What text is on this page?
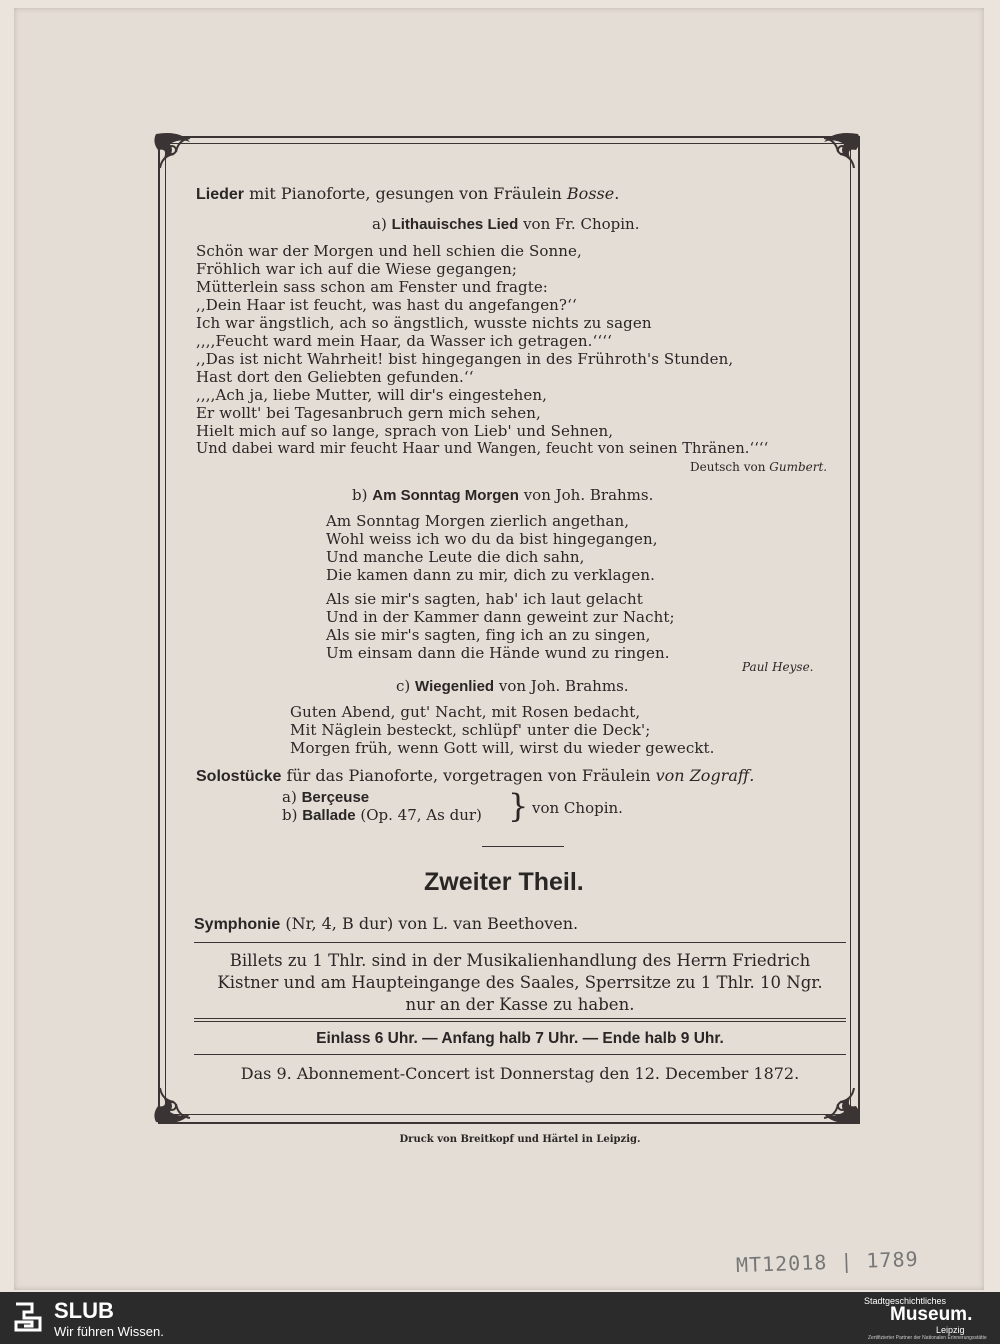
Lieder mit Pianoforte, gesungen von Fräulein Bosse.
a) Lithauisches Lied von Fr. Chopin.
Schön war der Morgen und hell schien die Sonne,
Fröhlich war ich auf die Wiese gegangen;
Mütterlein sass schon am Fenster und fragte:
,,Dein Haar ist feucht, was hast du angefangen?‘‘
Ich war ängstlich, ach so ängstlich, wusste nichts zu sagen
,,,,Feucht ward mein Haar, da Wasser ich getragen.‘‘‘‘
,,Das ist nicht Wahrheit! bist hingegangen in des Frühroth's Stunden,
Hast dort den Geliebten gefunden.‘‘
,,,,Ach ja, liebe Mutter, will dir's eingestehen,
Er wollt' bei Tagesanbruch gern mich sehen,
Hielt mich auf so lange, sprach von Lieb' und Sehnen,
Und dabei ward mir feucht Haar und Wangen, feucht von seinen Thränen.‘‘‘‘
Deutsch von Gumbert.
b) Am Sonntag Morgen von Joh. Brahms.
Am Sonntag Morgen zierlich angethan,
Wohl weiss ich wo du da bist hingegangen,
Und manche Leute die dich sahn,
Die kamen dann zu mir, dich zu verklagen.
Als sie mir's sagten, hab' ich laut gelacht
Und in der Kammer dann geweint zur Nacht;
Als sie mir's sagten, fing ich an zu singen,
Um einsam dann die Hände wund zu ringen.
Paul Heyse.
c) Wiegenlied von Joh. Brahms.
Guten Abend, gut' Nacht, mit Rosen bedacht,
Mit Näglein besteckt, schlüpf' unter die Deck';
Morgen früh, wenn Gott will, wirst du wieder geweckt.
Solostücke für das Pianoforte, vorgetragen von Fräulein von Zograff.
a) Berçeuse
b) Ballade (Op. 47, As dur) } von Chopin.
Zweiter Theil.
Symphonie (Nr, 4, B dur) von L. van Beethoven.
Billets zu 1 Thlr. sind in der Musikalienhandlung des Herrn Friedrich
Kistner und am Haupteingange des Saales, Sperrsitze zu 1 Thlr. 10 Ngr.
nur an der Kasse zu haben.
Einlass 6 Uhr. — Anfang halb 7 Uhr. — Ende halb 9 Uhr.
Das 9. Abonnement-Concert ist Donnerstag den 12. December 1872.
Druck von Breitkopf und Härtel in Leipzig.
MT12018 | 1789
SLUB
Wir führen Wissen.
Stadtgeschichtliches
Museum.
Leipzig
Zertifizierter Partner der Nationalen Erinnerungsstätte
